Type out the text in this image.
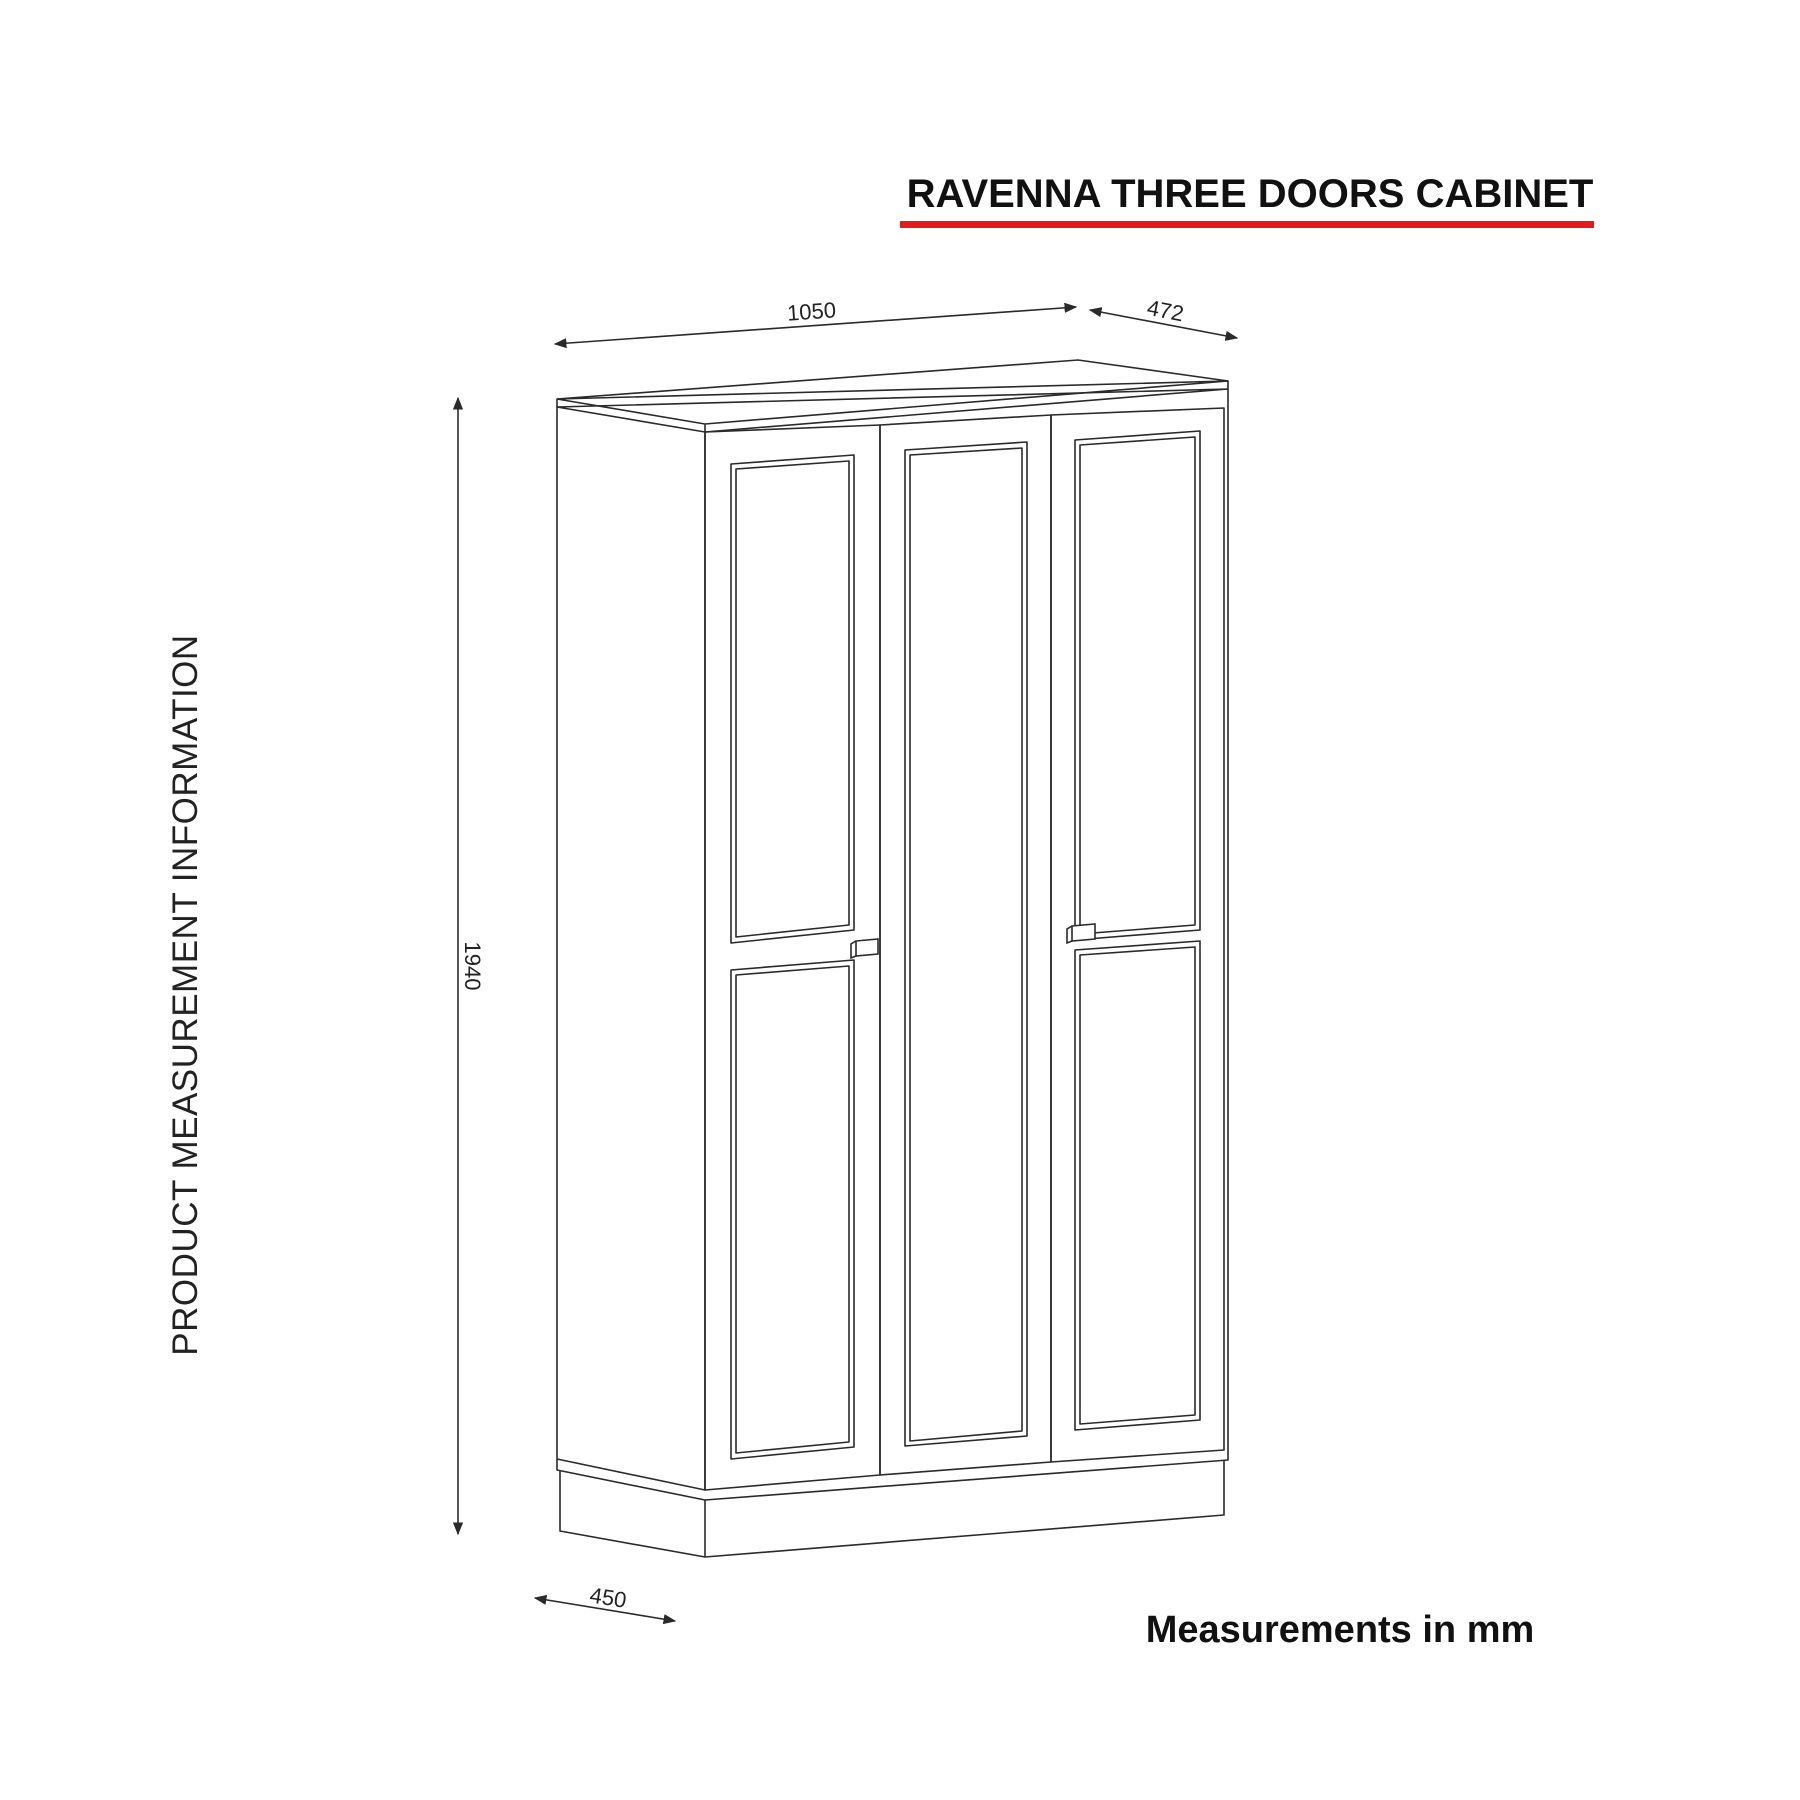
RAVENNA THREE DOORS CABINET
PRODUCT MEASUREMENT INFORMATION
1050	472
1940
450
Measurements in mm
